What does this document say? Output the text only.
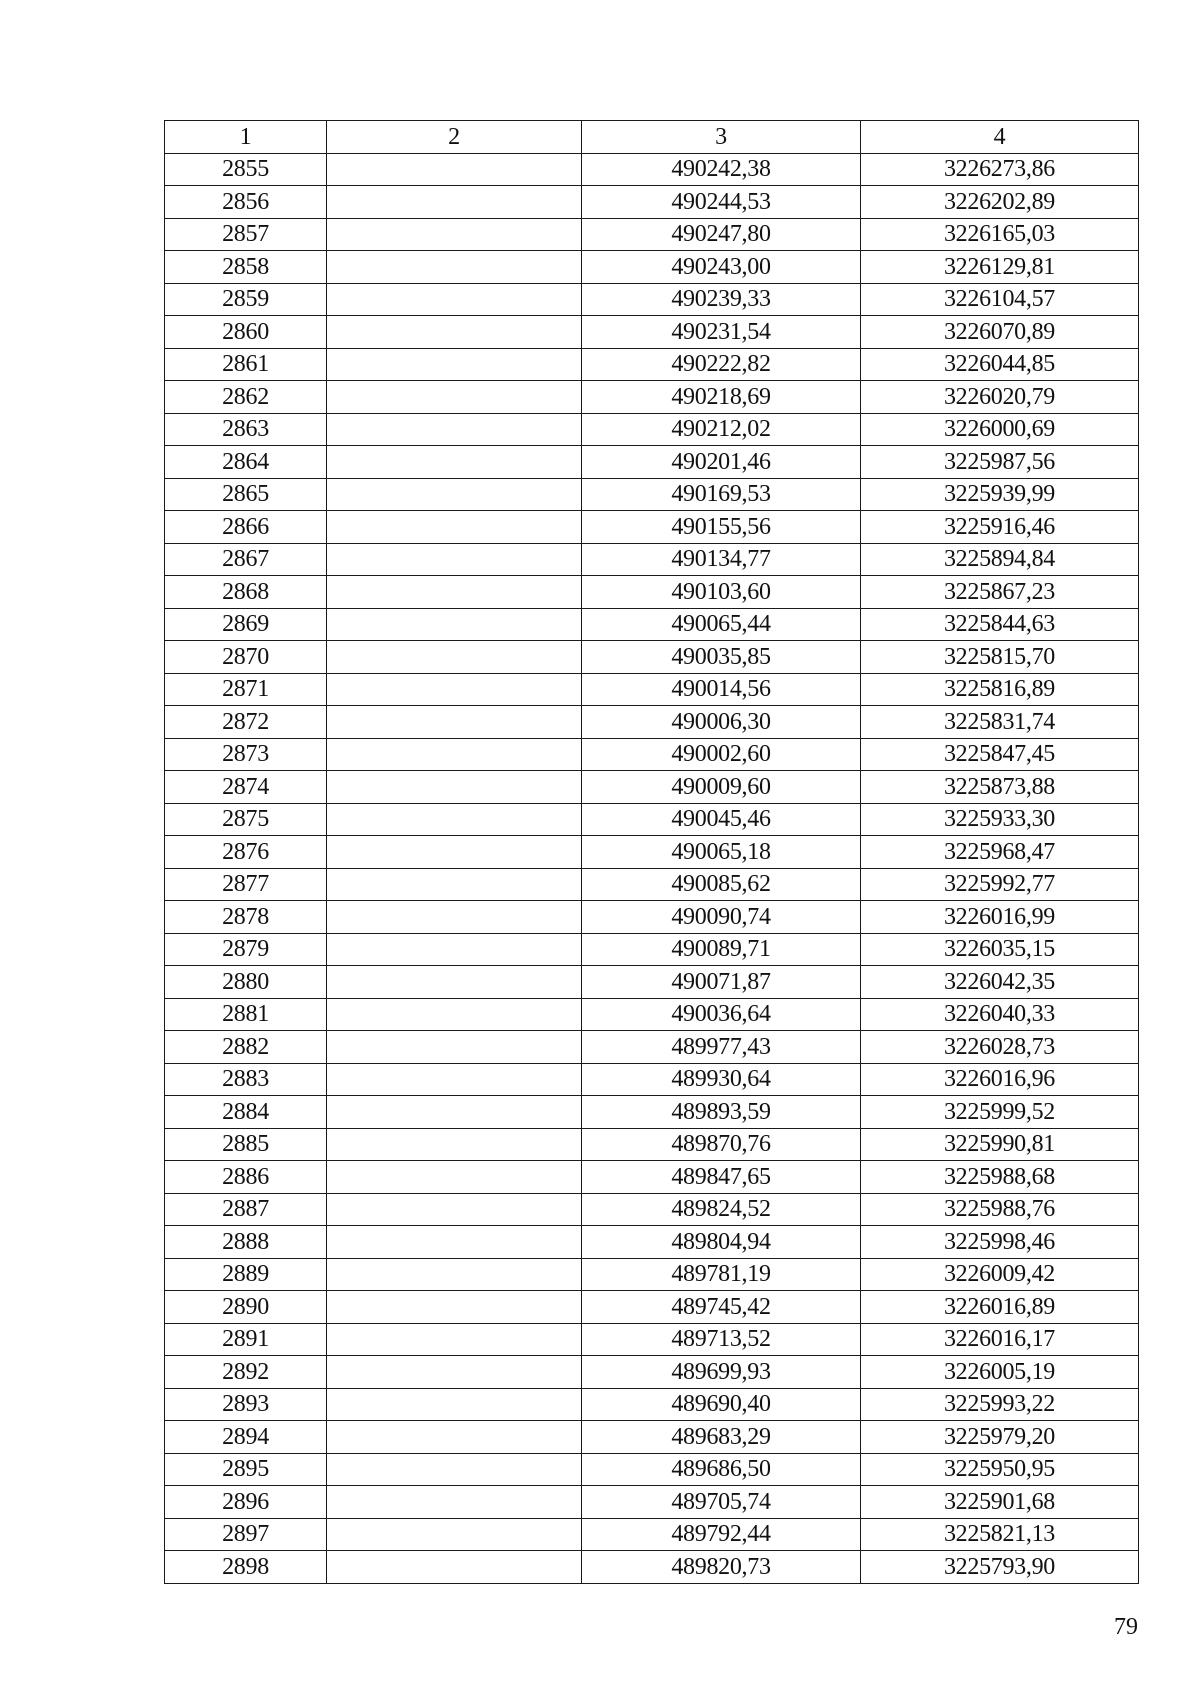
1	2	3	4
2855		490242,38	3226273,86
2856		490244,53	3226202,89
2857		490247,80	3226165,03
2858		490243,00	3226129,81
2859		490239,33	3226104,57
2860		490231,54	3226070,89
2861		490222,82	3226044,85
2862		490218,69	3226020,79
2863		490212,02	3226000,69
2864		490201,46	3225987,56
2865		490169,53	3225939,99
2866		490155,56	3225916,46
2867		490134,77	3225894,84
2868		490103,60	3225867,23
2869		490065,44	3225844,63
2870		490035,85	3225815,70
2871		490014,56	3225816,89
2872		490006,30	3225831,74
2873		490002,60	3225847,45
2874		490009,60	3225873,88
2875		490045,46	3225933,30
2876		490065,18	3225968,47
2877		490085,62	3225992,77
2878		490090,74	3226016,99
2879		490089,71	3226035,15
2880		490071,87	3226042,35
2881		490036,64	3226040,33
2882		489977,43	3226028,73
2883		489930,64	3226016,96
2884		489893,59	3225999,52
2885		489870,76	3225990,81
2886		489847,65	3225988,68
2887		489824,52	3225988,76
2888		489804,94	3225998,46
2889		489781,19	3226009,42
2890		489745,42	3226016,89
2891		489713,52	3226016,17
2892		489699,93	3226005,19
2893		489690,40	3225993,22
2894		489683,29	3225979,20
2895		489686,50	3225950,95
2896		489705,74	3225901,68
2897		489792,44	3225821,13
2898		489820,73	3225793,90
79
